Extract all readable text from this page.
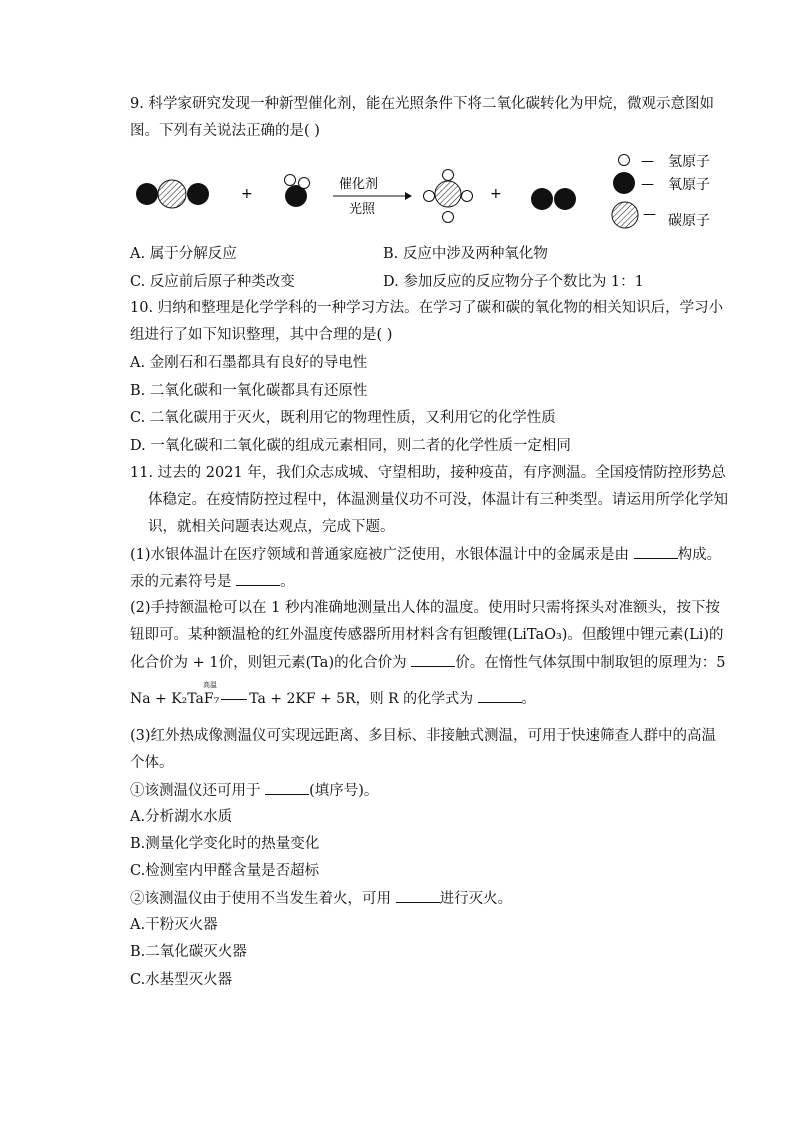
9. 科学家研究发现一种新型催化剂，能在光照条件下将二氧化碳转化为甲烷，微观示意图如
图。下列有关说法正确的是( )
+
催化剂
光照
+
— 氢原子
— 氧原子
— 碳原子
A. 属于分解反应	B. 反应中涉及两种氧化物
C. 反应前后原子种类改变	D. 参加反应的反应物分子个数比为 1：1
10. 归纳和整理是化学学科的一种学习方法。在学习了碳和碳的氧化物的相关知识后，学习小
组进行了如下知识整理，其中合理的是( )
A. 金刚石和石墨都具有良好的导电性
B. 二氧化碳和一氧化碳都具有还原性
C. 二氧化碳用于灭火，既利用它的物理性质，又利用它的化学性质
D. 一氧化碳和二氧化碳的组成元素相同，则二者的化学性质一定相同
11. 过去的 2021 年，我们众志成城、守望相助，接种疫苗，有序测温。全国疫情防控形势总
体稳定。在疫情防控过程中，体温测量仪功不可没，体温计有三种类型。请运用所学化学知
识，就相关问题表达观点，完成下题。
(1)水银体温计在医疗领域和普通家庭被广泛使用，水银体温计中的金属汞是由	构成。
汞的元素符号是	。
(2)手持额温枪可以在 1 秒内准确地测量出人体的温度。使用时只需将探头对准额头，按下按
钮即可。某种额温枪的红外温度传感器所用材料含有钽酸锂(LiTaO₃)。但酸锂中锂元素(Li)的
化合价为 + 1价，则钽元素(Ta)的化合价为	价。在惰性气体氛围中制取钽的原理为：5
高温
Na + K₂TaF₇ Ta + 2KF + 5R，则 R 的化学式为	。
(3)红外热成像测温仪可实现远距离、多目标、非接触式测温，可用于快速筛查人群中的高温
个体。
①该测温仪还可用于	(填序号)。
A.分析湖水水质
B.测量化学变化时的热量变化
C.检测室内甲醛含量是否超标
②该测温仪由于使用不当发生着火，可用	进行灭火。
A.干粉灭火器
B.二氧化碳灭火器
C.水基型灭火器
